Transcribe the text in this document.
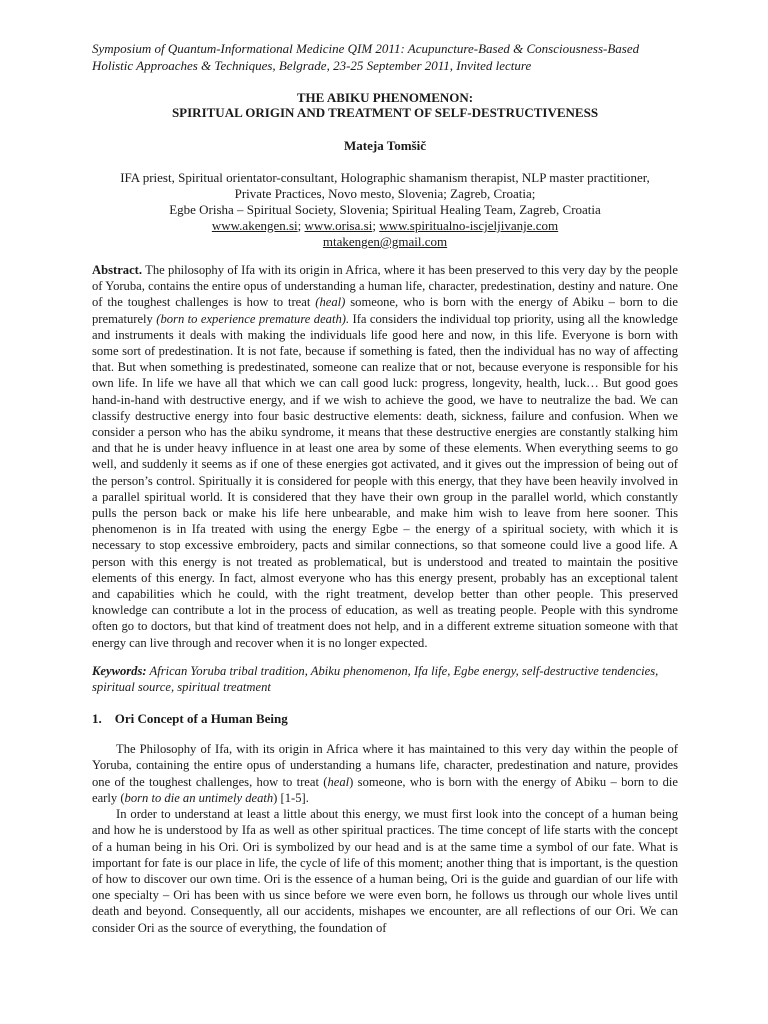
Symposium of Quantum-Informational Medicine QIM 2011: Acupuncture-Based & Consciousness-Based
Holistic Approaches & Techniques, Belgrade, 23-25 September 2011, Invited lecture
THE ABIKU PHENOMENON:
SPIRITUAL ORIGIN AND TREATMENT OF SELF-DESTRUCTIVENESS
Mateja Tomšič
IFA priest, Spiritual orientator-consultant, Holographic shamanism therapist, NLP master practitioner,
Private Practices, Novo mesto, Slovenia; Zagreb, Croatia;
Egbe Orisha – Spiritual Society, Slovenia; Spiritual Healing Team, Zagreb, Croatia
www.akengen.si; www.orisa.si; www.spiritualno-iscjeljivanje.com
mtakengen@gmail.com

Abstract. The philosophy of Ifa with its origin in Africa, where it has been preserved to this very day by the people of Yoruba, contains the entire opus of understanding a human life, character, predestination, destiny and nature. One of the toughest challenges is how to treat (heal) someone, who is born with the energy of Abiku – born to die prematurely (born to experience premature death). Ifa considers the individual top priority, using all the knowledge and instruments it deals with making the individuals life good here and now, in this life. Everyone is born with some sort of predestination. It is not fate, because if something is fated, then the individual has no way of affecting that. But when something is predestinated, someone can realize that or not, because everyone is responsible for his own life. In life we have all that which we can call good luck: progress, longevity, health, luck… But good goes hand-in-hand with destructive energy, and if we wish to achieve the good, we have to neutralize the bad. We can classify destructive energy into four basic destructive elements: death, sickness, failure and confusion. When we consider a person who has the abiku syndrome, it means that these destructive energies are constantly stalking him and that he is under heavy influence in at least one area by some of these elements. When everything seems to go well, and suddenly it seems as if one of these energies got activated, and it gives out the impression of being out of the person’s control. Spiritually it is considered for people with this energy, that they have been heavily involved in a parallel spiritual world. It is considered that they have their own group in the parallel world, which constantly pulls the person back or make his life here unbearable, and make him wish to leave from here sooner. This phenomenon is in Ifa treated with using the energy Egbe – the energy of a spiritual society, with which it is necessary to stop excessive embroidery, pacts and similar connections, so that someone could live a good life. A person with this energy is not treated as problematical, but is understood and treated to maintain the positive elements of this energy. In fact, almost everyone who has this energy present, probably has an exceptional talent and capabilities which he could, with the right treatment, develop better than other people. This preserved knowledge can contribute a lot in the process of education, as well as treating people. People with this syndrome often go to doctors, but that kind of treatment does not help, and in a different extreme situation someone with that energy can live through and recover when it is no longer expected.

Keywords: African Yoruba tribal tradition, Abiku phenomenon, Ifa life, Egbe energy, self-destructive tendencies, spiritual source, spiritual treatment

1. Ori Concept of a Human Being

The Philosophy of Ifa, with its origin in Africa where it has maintained to this very day within the people of Yoruba, containing the entire opus of understanding a humans life, character, predestination and nature, provides one of the toughest challenges, how to treat (heal) someone, who is born with the energy of Abiku – born to die early (born to die an untimely death) [1-5].

In order to understand at least a little about this energy, we must first look into the concept of a human being and how he is understood by Ifa as well as other spiritual practices. The time concept of life starts with the concept of a human being in his Ori. Ori is symbolized by our head and is at the same time a symbol of our fate. What is important for fate is our place in life, the cycle of life of this moment; another thing that is important, is the question of how to discover our own time. Ori is the essence of a human being, Ori is the guide and guardian of our life with one specialty – Ori has been with us since before we were even born, he follows us through our whole lives until death and beyond. Consequently, all our accidents, mishapes we encounter, are all reflections of our Ori. We can consider Ori as the source of everything, the foundation of
